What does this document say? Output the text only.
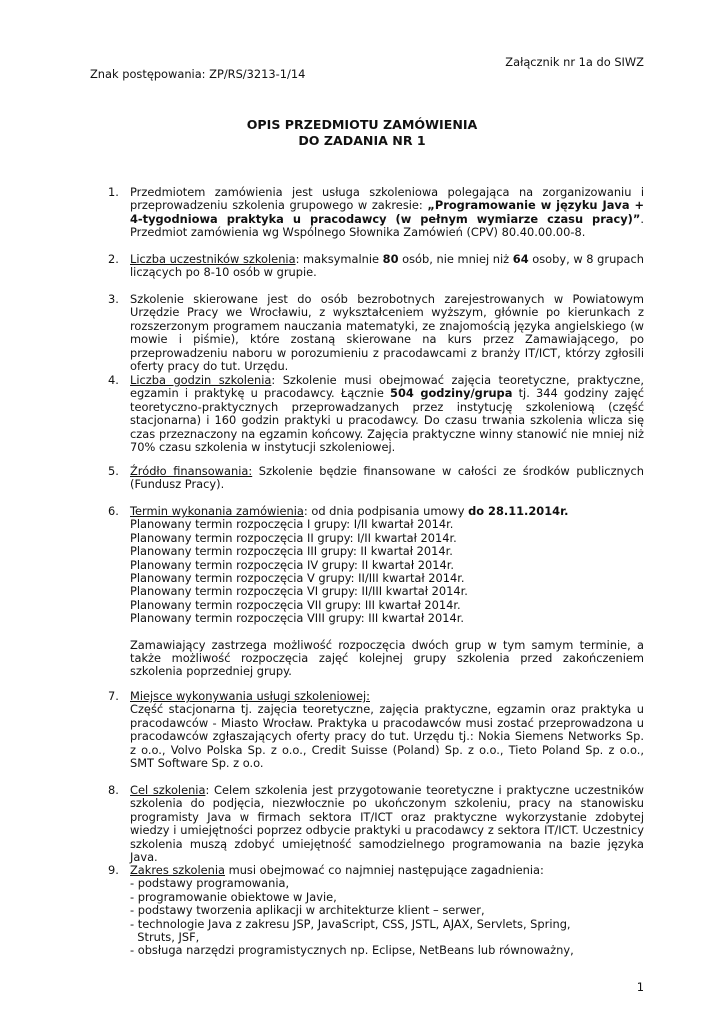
Załącznik nr 1a do SIWZ
Znak postępowania: ZP/RS/3213-1/14
OPIS PRZEDMIOTU ZAMÓWIENIA
DO ZADANIA NR 1
1. Przedmiotem zamówienia jest usługa szkoleniowa polegająca na zorganizowaniu i przeprowadzeniu szkolenia grupowego w zakresie: „Programowanie w języku Java + 4-tygodniowa praktyka u pracodawcy (w pełnym wymiarze czasu pracy)”. Przedmiot zamówienia wg Wspólnego Słownika Zamówień (CPV) 80.40.00.00-8.
2. Liczba uczestników szkolenia: maksymalnie 80 osób, nie mniej niż 64 osoby, w 8 grupach liczących po 8-10 osób w grupie.
3. Szkolenie skierowane jest do osób bezrobotnych zarejestrowanych w Powiatowym Urzędzie Pracy we Wrocławiu, z wykształceniem wyższym, głównie po kierunkach z rozszerzonym programem nauczania matematyki, ze znajomością języka angielskiego (w mowie i piśmie), które zostaną skierowane na kurs przez Zamawiającego, po przeprowadzeniu naboru w porozumieniu z pracodawcami z branży IT/ICT, którzy zgłosili oferty pracy do tut. Urzędu.
4. Liczba godzin szkolenia: Szkolenie musi obejmować zajęcia teoretyczne, praktyczne, egzamin i praktykę u pracodawcy. Łącznie 504 godziny/grupa tj. 344 godziny zajęć teoretyczno-praktycznych przeprowadzanych przez instytucję szkoleniową (część stacjonarna) i 160 godzin praktyki u pracodawcy. Do czasu trwania szkolenia wlicza się czas przeznaczony na egzamin końcowy. Zajęcia praktyczne winny stanowić nie mniej niż 70% czasu szkolenia w instytucji szkoleniowej.
5. Źródło finansowania: Szkolenie będzie finansowane w całości ze środków publicznych (Fundusz Pracy).
6. Termin wykonania zamówienia: od dnia podpisania umowy do 28.11.2014r.
Planowany termin rozpoczęcia I grupy: I/II kwartał 2014r.
Planowany termin rozpoczęcia II grupy: I/II kwartał 2014r.
Planowany termin rozpoczęcia III grupy: II kwartał 2014r.
Planowany termin rozpoczęcia IV grupy: II kwartał 2014r.
Planowany termin rozpoczęcia V grupy: II/III kwartał 2014r.
Planowany termin rozpoczęcia VI grupy: II/III kwartał 2014r.
Planowany termin rozpoczęcia VII grupy: III kwartał 2014r.
Planowany termin rozpoczęcia VIII grupy: III kwartał 2014r.
Zamawiający zastrzega możliwość rozpoczęcia dwóch grup w tym samym terminie, a także możliwość rozpoczęcia zajęć kolejnej grupy szkolenia przed zakończeniem szkolenia poprzedniej grupy.
7. Miejsce wykonywania usługi szkoleniowej:
Część stacjonarna tj. zajęcia teoretyczne, zajęcia praktyczne, egzamin oraz praktyka u pracodawców - Miasto Wrocław. Praktyka u pracodawców musi zostać przeprowadzona u pracodawców zgłaszających oferty pracy do tut. Urzędu tj.: Nokia Siemens Networks Sp. z o.o., Volvo Polska Sp. z o.o., Credit Suisse (Poland) Sp. z o.o., Tieto Poland Sp. z o.o., SMT Software Sp. z o.o.
8. Cel szkolenia: Celem szkolenia jest przygotowanie teoretyczne i praktyczne uczestników szkolenia do podjęcia, niezwłocznie po ukończonym szkoleniu, pracy na stanowisku programisty Java w firmach sektora IT/ICT oraz praktyczne wykorzystanie zdobytej wiedzy i umiejętności poprzez odbycie praktyki u pracodawcy z sektora IT/ICT. Uczestnicy szkolenia muszą zdobyć umiejętność samodzielnego programowania na bazie języka Java.
9. Zakres szkolenia musi obejmować co najmniej następujące zagadnienia:
- podstawy programowania,
- programowanie obiektowe w Javie,
- podstawy tworzenia aplikacji w architekturze klient – serwer,
- technologie Java z zakresu JSP, JavaScript, CSS, JSTL, AJAX, Servlets, Spring,
Struts, JSF,
- obsługa narzędzi programistycznych np. Eclipse, NetBeans lub równoważny,
1
